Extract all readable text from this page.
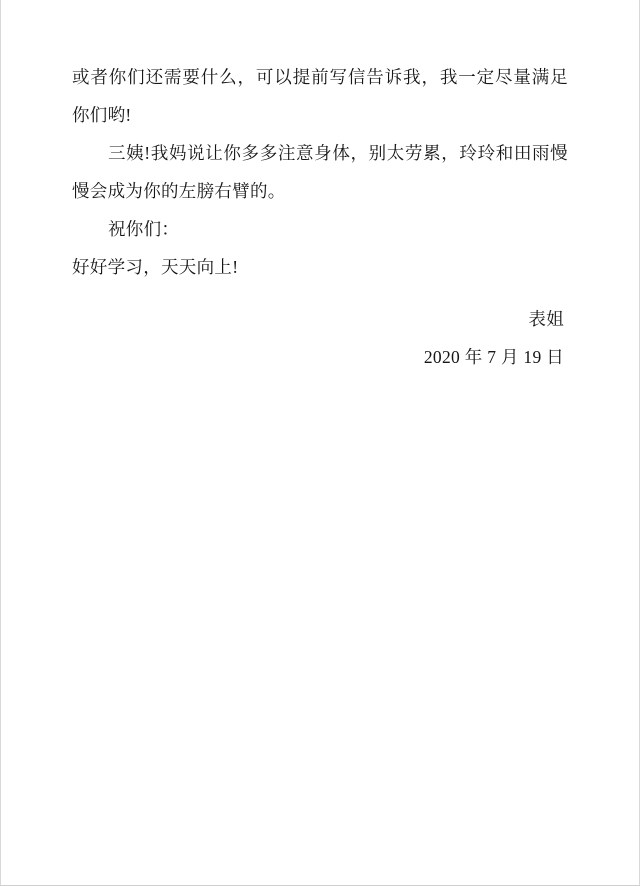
或者你们还需要什么，可以提前写信告诉我，我一定尽量满足你们哟!

三姨!我妈说让你多多注意身体，别太劳累，玲玲和田雨慢慢会成为你的左膀右臂的。

祝你们：

好好学习，天天向上!

表姐
2020 年 7 月 19 日
